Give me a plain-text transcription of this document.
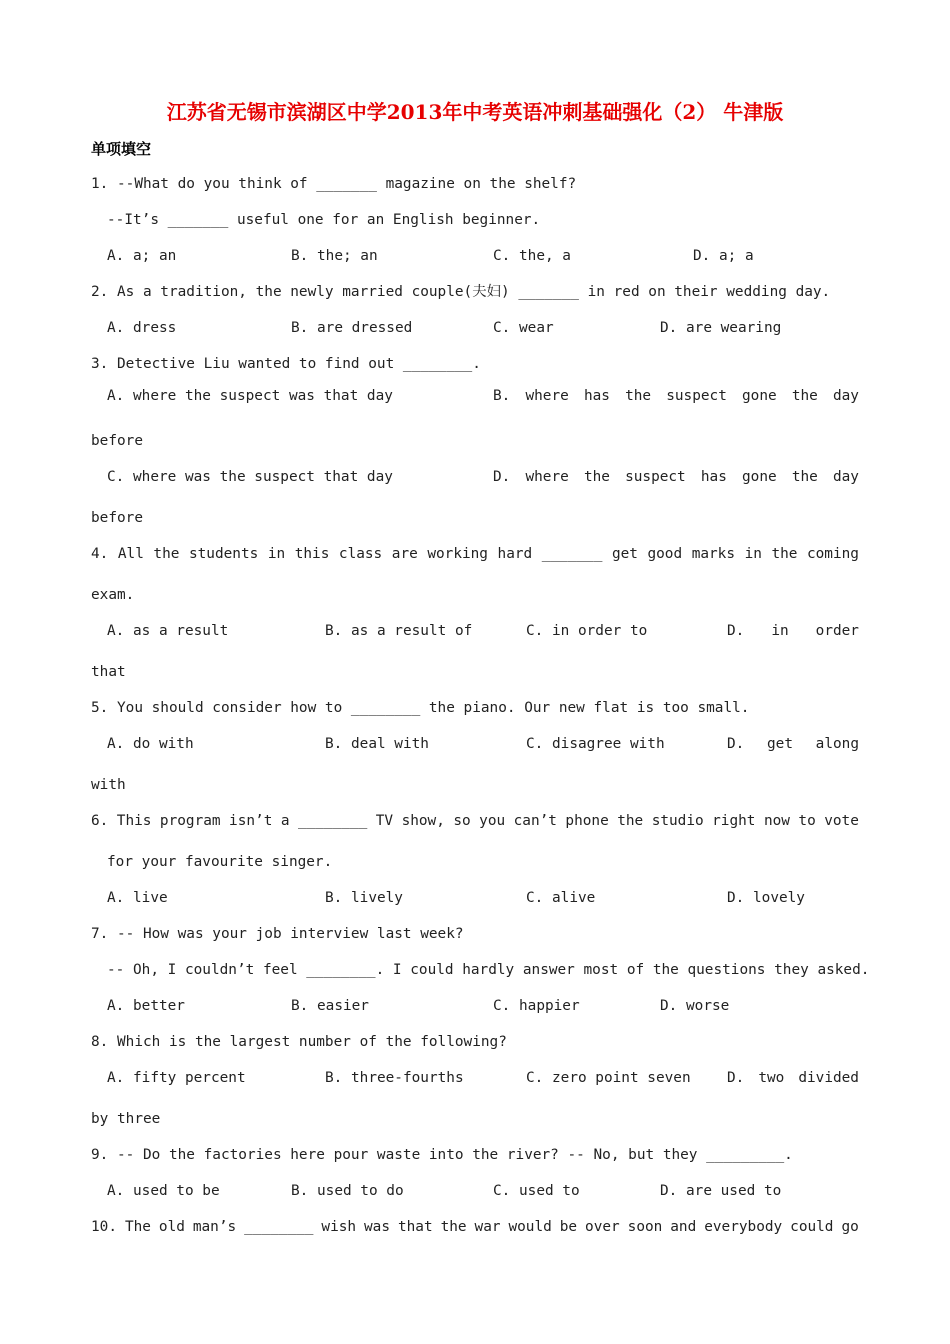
江苏省无锡市滨湖区中学2013年中考英语冲刺基础强化（2） 牛津版
单项填空
1. --What do you think of _______ magazine on the shelf?
--It’s _______ useful one for an English beginner.
A. a; an	B. the; an	C. the, a	D. a; a
2. As a tradition, the newly married couple(夫妇) _______ in red on their wedding day.
A. dress	B. are dressed	C. wear	D. are wearing
3. Detective Liu wanted to find out ________.
A. where the suspect was that day	B. where has the suspect gone the day
before
C. where was the suspect that day	D. where the suspect has gone the day
before
4. All the students in this class are working hard _______ get good marks in the coming
exam.
A. as a result	B. as a result of	C. in order to	D. in order
that
5. You should consider how to ________ the piano. Our new flat is too small.
A. do with	B. deal with	C. disagree with	D. get along
with
6. This program isn’t a ________ TV show, so you can’t phone the studio right now to vote
for your favourite singer.
A. live	B. lively	C. alive	D. lovely
7. -- How was your job interview last week?
-- Oh, I couldn’t feel ________. I could hardly answer most of the questions they asked.
A. better	B. easier	C. happier	D. worse
8. Which is the largest number of the following?
A. fifty percent	B. three-fourths	C. zero point seven	D. two divided
by three
9. -- Do the factories here pour waste into the river? -- No, but they _________.
A. used to be	B. used to do	C. used to	D. are used to
10. The old man’s ________ wish was that the war would be over soon and everybody could go
